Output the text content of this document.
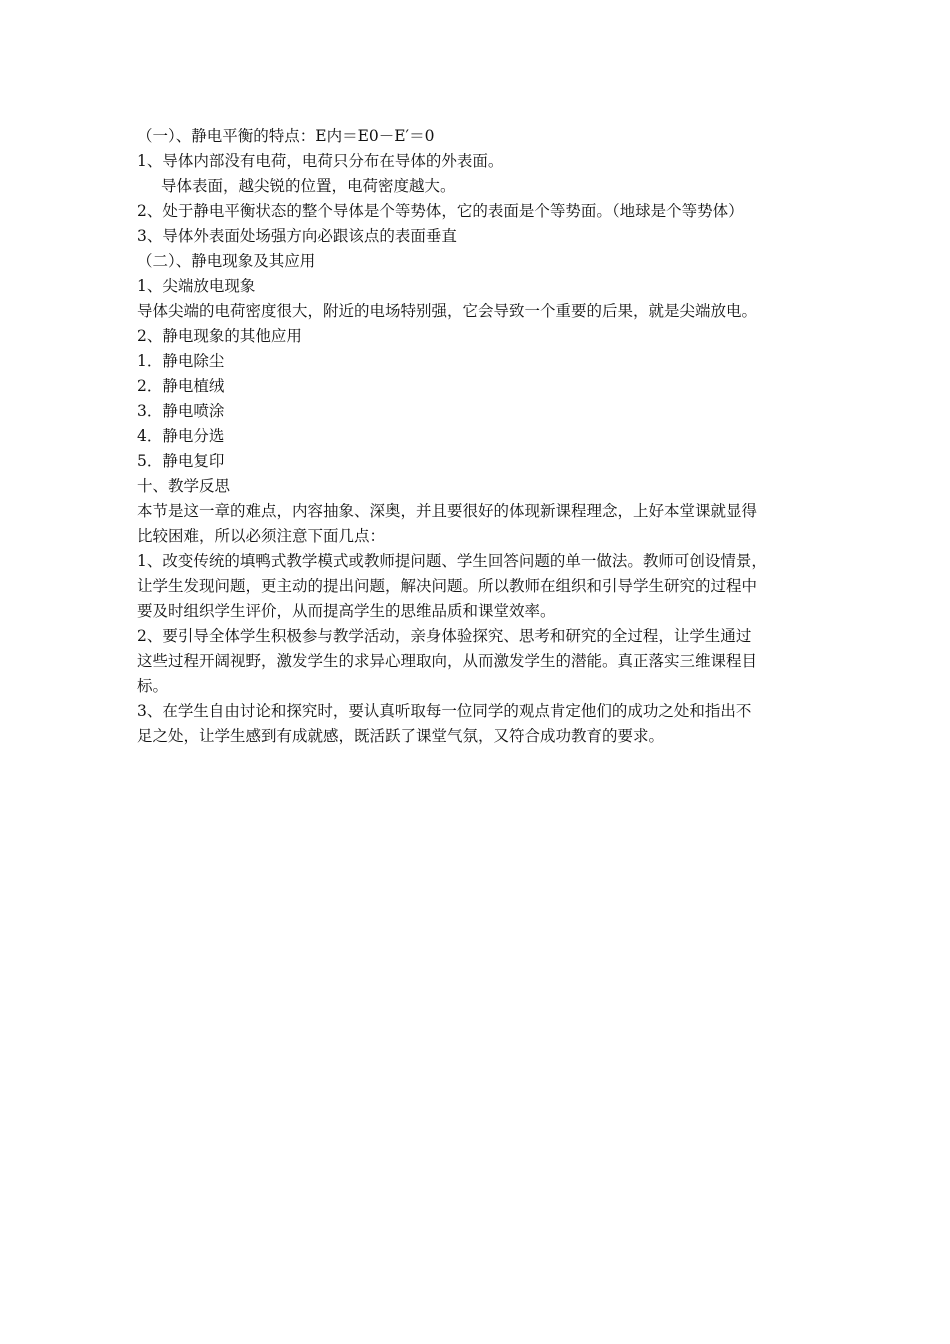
（一）、静电平衡的特点：E内＝E0－E′＝0

1、导体内部没有电荷，电荷只分布在导体的外表面。

导体表面，越尖锐的位置，电荷密度越大。

2、处于静电平衡状态的整个导体是个等势体，它的表面是个等势面。（地球是个等势体）

3、导体外表面处场强方向必跟该点的表面垂直

（二）、静电现象及其应用

1、尖端放电现象

导体尖端的电荷密度很大，附近的电场特别强，它会导致一个重要的后果，就是尖端放电。

2、静电现象的其他应用

1．静电除尘

2．静电植绒

3．静电喷涂

4．静电分选

5．静电复印

十、教学反思

本节是这一章的难点，内容抽象、深奥，并且要很好的体现新课程理念，上好本堂课就显得

比较困难，所以必须注意下面几点：

1、改变传统的填鸭式教学模式或教师提问题、学生回答问题的单一做法。教师可创设情景，

让学生发现问题，更主动的提出问题，解决问题。所以教师在组织和引导学生研究的过程中

要及时组织学生评价，从而提高学生的思维品质和课堂效率。

2、要引导全体学生积极参与教学活动，亲身体验探究、思考和研究的全过程，让学生通过

这些过程开阔视野，激发学生的求异心理取向，从而激发学生的潜能。真正落实三维课程目

标。

3、在学生自由讨论和探究时，要认真听取每一位同学的观点肯定他们的成功之处和指出不

足之处，让学生感到有成就感，既活跃了课堂气氛，又符合成功教育的要求。
